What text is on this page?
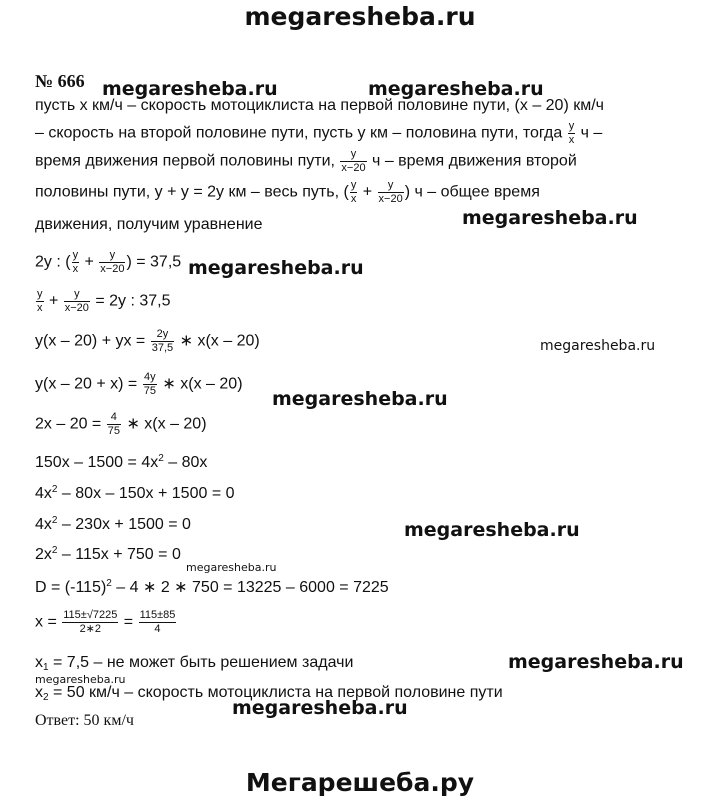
megaresheba.ru
№ 666
пусть х км/ч – скорость мотоциклиста на первой половине пути, (х – 20) км/ч
– скорость на второй половине пути, пусть у км – половина пути, тогда $\frac{у}{х}$ ч –
время движения первой половины пути, $\frac{у}{х-20}$ ч – время движения второй
половины пути, у + у = 2у км – весь путь, ( $\frac{у}{х} + \frac{у}{х-20}$ ) ч – общее время
движения, получим уравнение
2у : ( $\frac{у}{х} + \frac{у}{х-20}$ ) = 37,5
$\frac{у}{х} + \frac{у}{х-20} = 2у$ : 37,5
у(х – 20) + ух = $\frac{2у}{37,5}$ ∗ х(х – 20)
$у(х - 20 + х) = \frac{4у}{75}$ ∗ х(х – 20)
$2х - 20 = \frac{4}{75}$ ∗ х(х – 20)
$150х - 1500 = 4х^2 - 80х$
$4х^2 - 80х - 150х + 1500 = 0$
$4х^2 - 230х + 1500 = 0$
$2х^2 - 115х + 750 = 0$
$D = (-115)^2 - 4$ ∗ 2 ∗ 750 = 13225 – 6000 = 7225
$х = \frac{115\pm√7225}{2∗2} = \frac{115\pm 85}{4}$
$х_1 = 7,5$ – не может быть решением задачи
$х_2 = 50$ км/ч – скорость мотоциклиста на первой половине пути
Ответ: 50 км/ч
megaresheba.ru	megaresheba.ru
megaresheba.ru
megaresheba.ru
megaresheba.ru
megaresheba.ru
megaresheba.ru
megaresheba.ru
megaresheba.ru
megaresheba.ru
megaresheba.ru
Мегарешеба.ру
